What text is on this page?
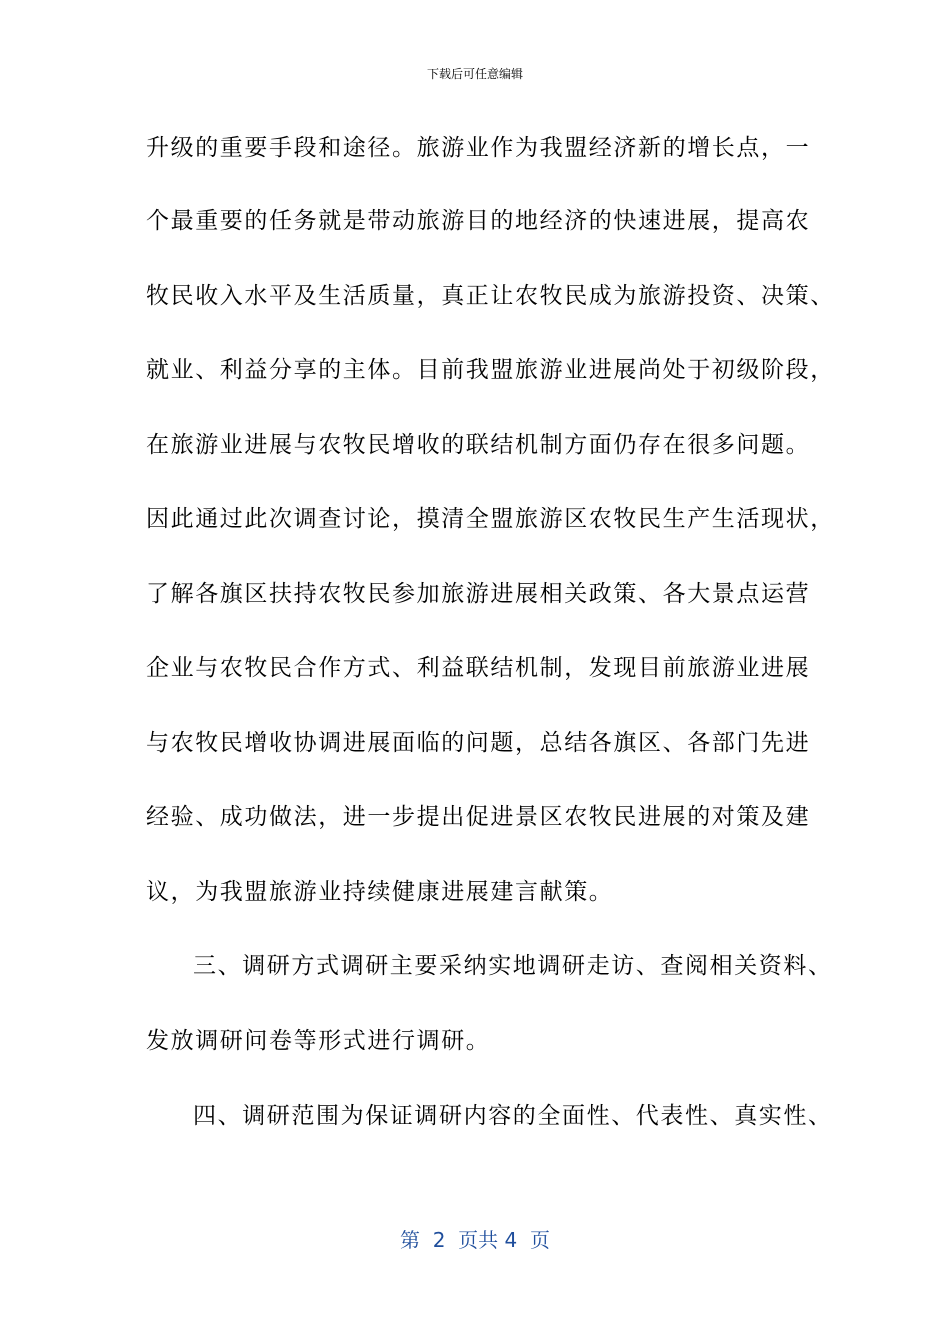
下载后可任意编辑
升级的重要手段和途径。旅游业作为我盟经济新的增长点，一
个最重要的任务就是带动旅游目的地经济的快速进展，提高农
牧民收入水平及生活质量，真正让农牧民成为旅游投资、决策、
就业、利益分享的主体。目前我盟旅游业进展尚处于初级阶段，
在旅游业进展与农牧民增收的联结机制方面仍存在很多问题。
因此通过此次调查讨论，摸清全盟旅游区农牧民生产生活现状，
了解各旗区扶持农牧民参加旅游进展相关政策、各大景点运营
企业与农牧民合作方式、利益联结机制，发现目前旅游业进展
与农牧民增收协调进展面临的问题，总结各旗区、各部门先进
经验、成功做法，进一步提出促进景区农牧民进展的对策及建
议，为我盟旅游业持续健康进展建言献策。
三、调研方式调研主要采纳实地调研走访、查阅相关资料、
发放调研问卷等形式进行调研。
四、调研范围为保证调研内容的全面性、代表性、真实性、
第  2  页共 4  页
